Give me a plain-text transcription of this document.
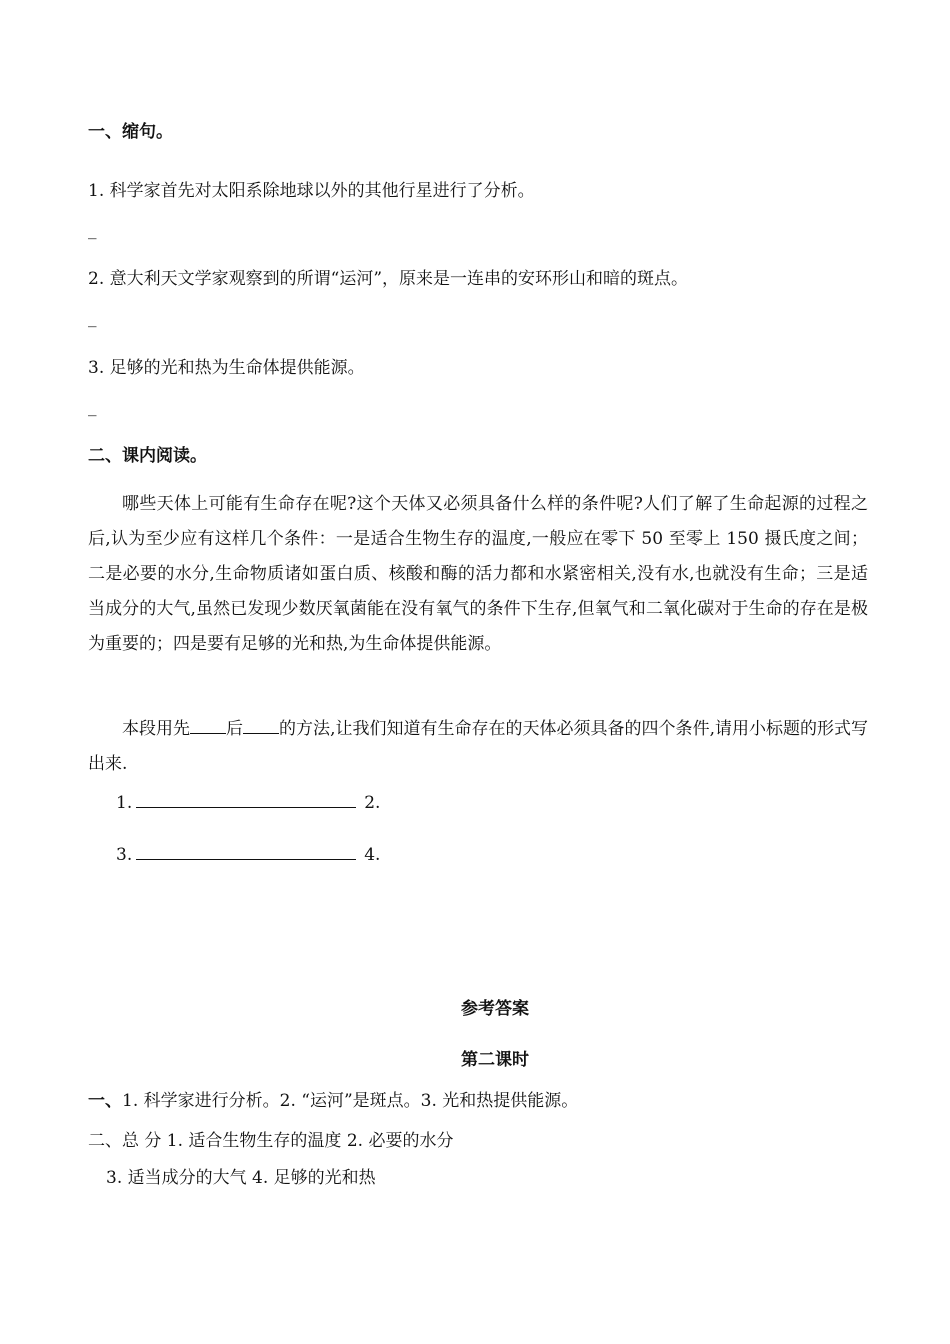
一、缩句。
1. 科学家首先对太阳系除地球以外的其他行星进行了分析。
_
2. 意大利天文学家观察到的所谓“运河”，原来是一连串的安环形山和暗的斑点。
_
3. 足够的光和热为生命体提供能源。
_
二、课内阅读。
哪些天体上可能有生命存在呢?这个天体又必须具备什么样的条件呢?人们了解了生命起源的过程之后,认为至少应有这样几个条件：一是适合生物生存的温度,一般应在零下 50 至零上 150 摄氏度之间；二是必要的水分,生命物质诸如蛋白质、核酸和酶的活力都和水紧密相关,没有水,也就没有生命；三是适当成分的大气,虽然已发现少数厌氧菌能在没有氧气的条件下生存,但氧气和二氧化碳对于生命的存在是极为重要的；四是要有足够的光和热,为生命体提供能源。
本段用先 后 的方法,让我们知道有生命存在的天体必须具备的四个条件,请用小标题的形式写出来.
1.	2.
3.	4.
参考答案
第二课时
一、1. 科学家进行分析。2. “运河”是斑点。3. 光和热提供能源。
二、总 分 1. 适合生物生存的温度 2. 必要的水分
3. 适当成分的大气 4. 足够的光和热
